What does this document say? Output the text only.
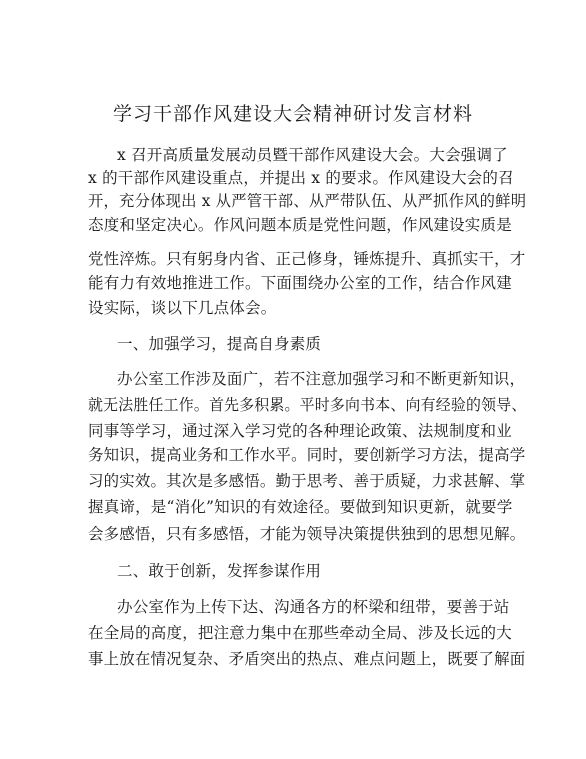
学习干部作风建设大会精神研讨发言材料
x 召开高质量发展动员暨干部作风建设大会。大会强调了
x 的干部作风建设重点，并提出 x 的要求。作风建设大会的召
开，充分体现出 x 从严管干部、从严带队伍、从严抓作风的鲜明
态度和坚定决心。作风问题本质是党性问题，作风建设实质是
党性淬炼。只有躬身内省、正己修身，锤炼提升、真抓实干，才
能有力有效地推进工作。下面围绕办公室的工作，结合作风建
设实际，谈以下几点体会。
一、加强学习，提高自身素质
办公室工作涉及面广，若不注意加强学习和不断更新知识，
就无法胜任工作。首先多积累。平时多向书本、向有经验的领导、
同事等学习，通过深入学习党的各种理论政策、法规制度和业
务知识，提高业务和工作水平。同时，要创新学习方法，提高学
习的实效。其次是多感悟。勤于思考、善于质疑，力求甚解、掌
握真谛，是“消化”知识的有效途径。要做到知识更新，就要学
会多感悟，只有多感悟，才能为领导决策提供独到的思想见解。
二、敢于创新，发挥参谋作用
办公室作为上传下达、沟通各方的杯梁和纽带，要善于站
在全局的高度，把注意力集中在那些牵动全局、涉及长远的大
事上放在情况复杂、矛盾突出的热点、难点问题上，既要了解面
